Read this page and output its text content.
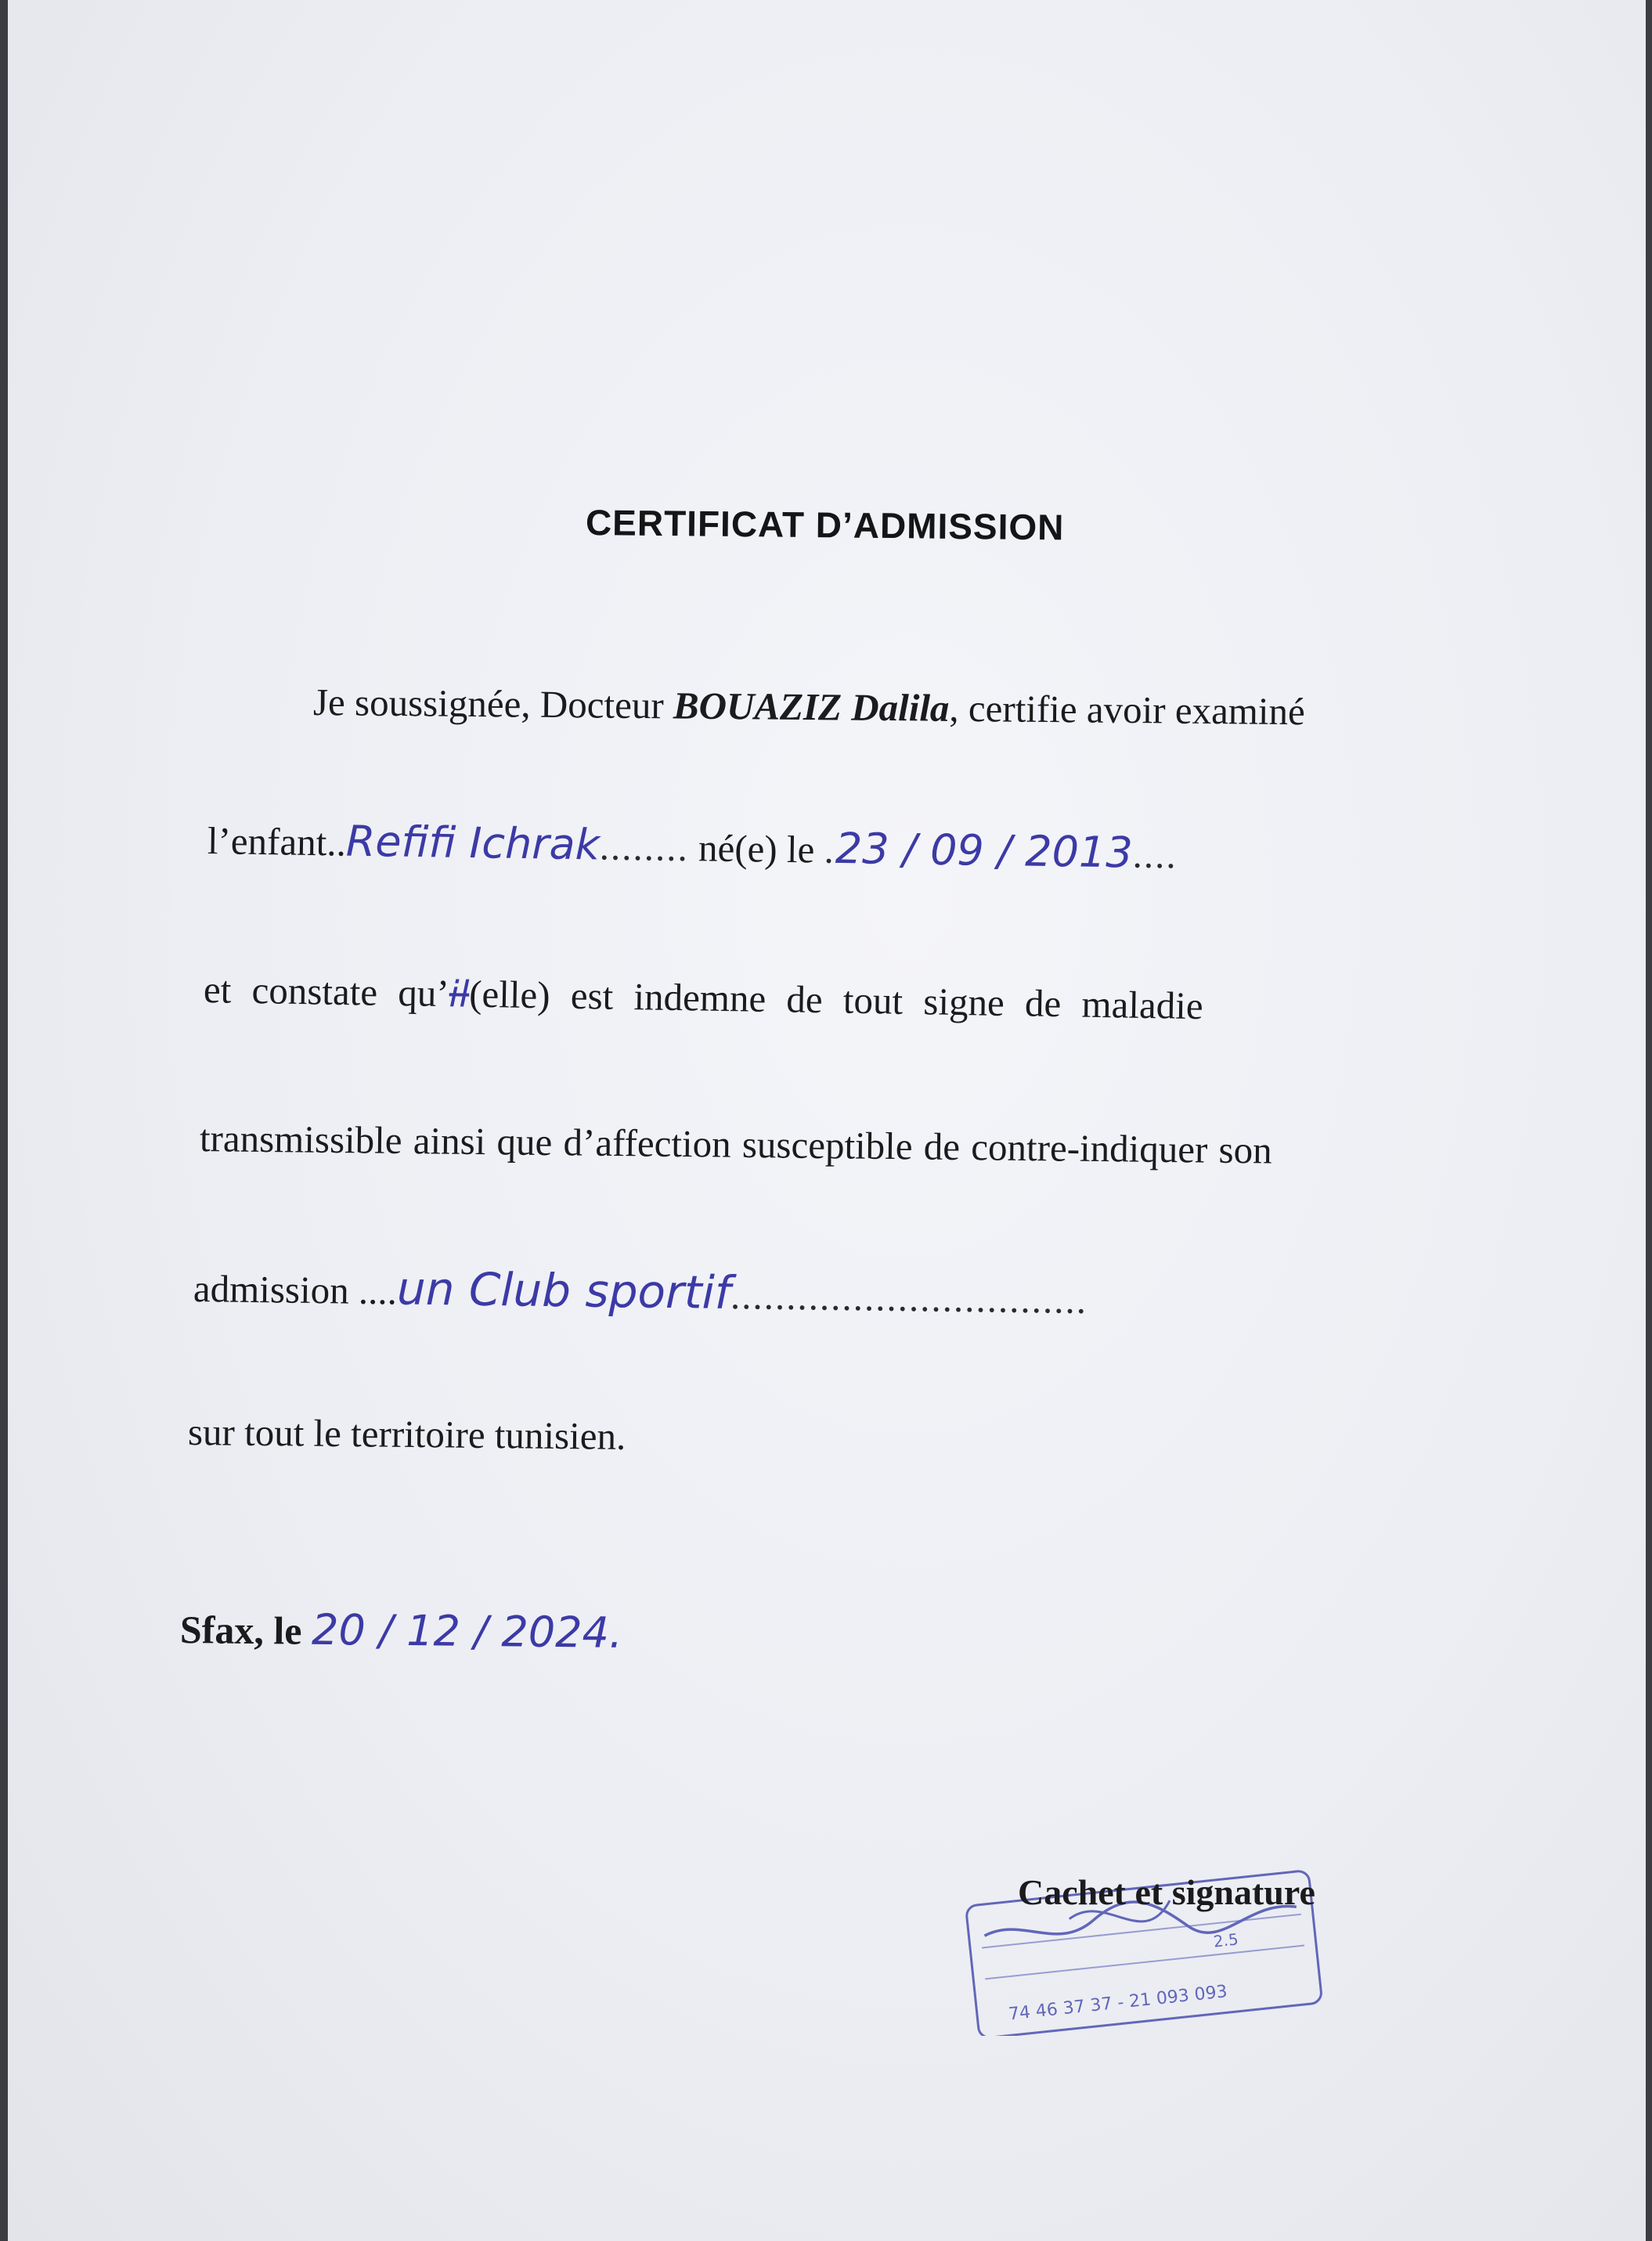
CERTIFICAT D’ADMISSION
Je soussignée, Docteur BOUAZIZ Dalila, certifie avoir examiné
l’enfant..Refifi Ichrak........ né(e) le .23 / 09 / 2013....
et constate qu’il(elle) est indemne de tout signe de maladie
transmissible ainsi que d’affection susceptible de contre-indiquer son
admission ....un Club sportif................................
sur tout le territoire tunisien.
Sfax, le 20 / 12 / 2024.
Cachet et signature
2.5
74 46 37 37 - 21 093 093
